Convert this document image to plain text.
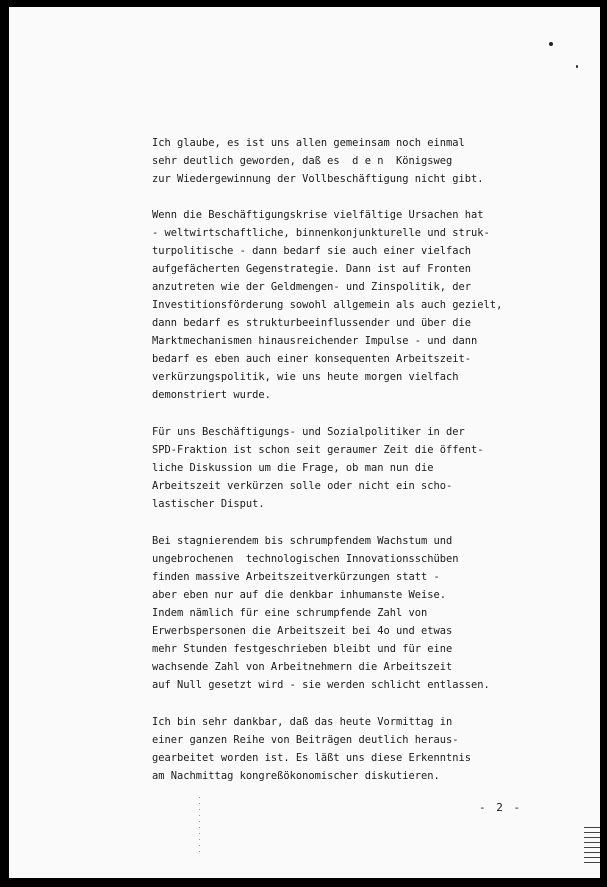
Ich glaube, es ist uns allen gemeinsam noch einmal
sehr deutlich geworden, daß es  d e n  Königsweg
zur Wiedergewinnung der Vollbeschäftigung nicht gibt.

Wenn die Beschäftigungskrise vielfältige Ursachen hat
- weltwirtschaftliche, binnenkonjunkturelle und struk-
turpolitische - dann bedarf sie auch einer vielfach
aufgefächerten Gegenstrategie. Dann ist auf Fronten
anzutreten wie der Geldmengen- und Zinspolitik, der
Investitionsförderung sowohl allgemein als auch gezielt,
dann bedarf es strukturbeeinflussender und über die
Marktmechanismen hinausreichender Impulse - und dann
bedarf es eben auch einer konsequenten Arbeitszeit-
verkürzungspolitik, wie uns heute morgen vielfach
demonstriert wurde.

Für uns Beschäftigungs- und Sozialpolitiker in der
SPD-Fraktion ist schon seit geraumer Zeit die öffent-
liche Diskussion um die Frage, ob man nun die
Arbeitszeit verkürzen solle oder nicht ein scho-
lastischer Disput.

Bei stagnierendem bis schrumpfendem Wachstum und
ungebrochenen  technologischen Innovationsschüben
finden massive Arbeitszeitverkürzungen statt -
aber eben nur auf die denkbar inhumanste Weise.
Indem nämlich für eine schrumpfende Zahl von
Erwerbspersonen die Arbeitszeit bei 4o und etwas
mehr Stunden festgeschrieben bleibt und für eine
wachsende Zahl von Arbeitnehmern die Arbeitszeit
auf Null gesetzt wird - sie werden schlicht entlassen.

Ich bin sehr dankbar, daß das heute Vormittag in
einer ganzen Reihe von Beiträgen deutlich heraus-
gearbeitet worden ist. Es läßt uns diese Erkenntnis
am Nachmittag kongreßökonomischer diskutieren.

- 2 -
